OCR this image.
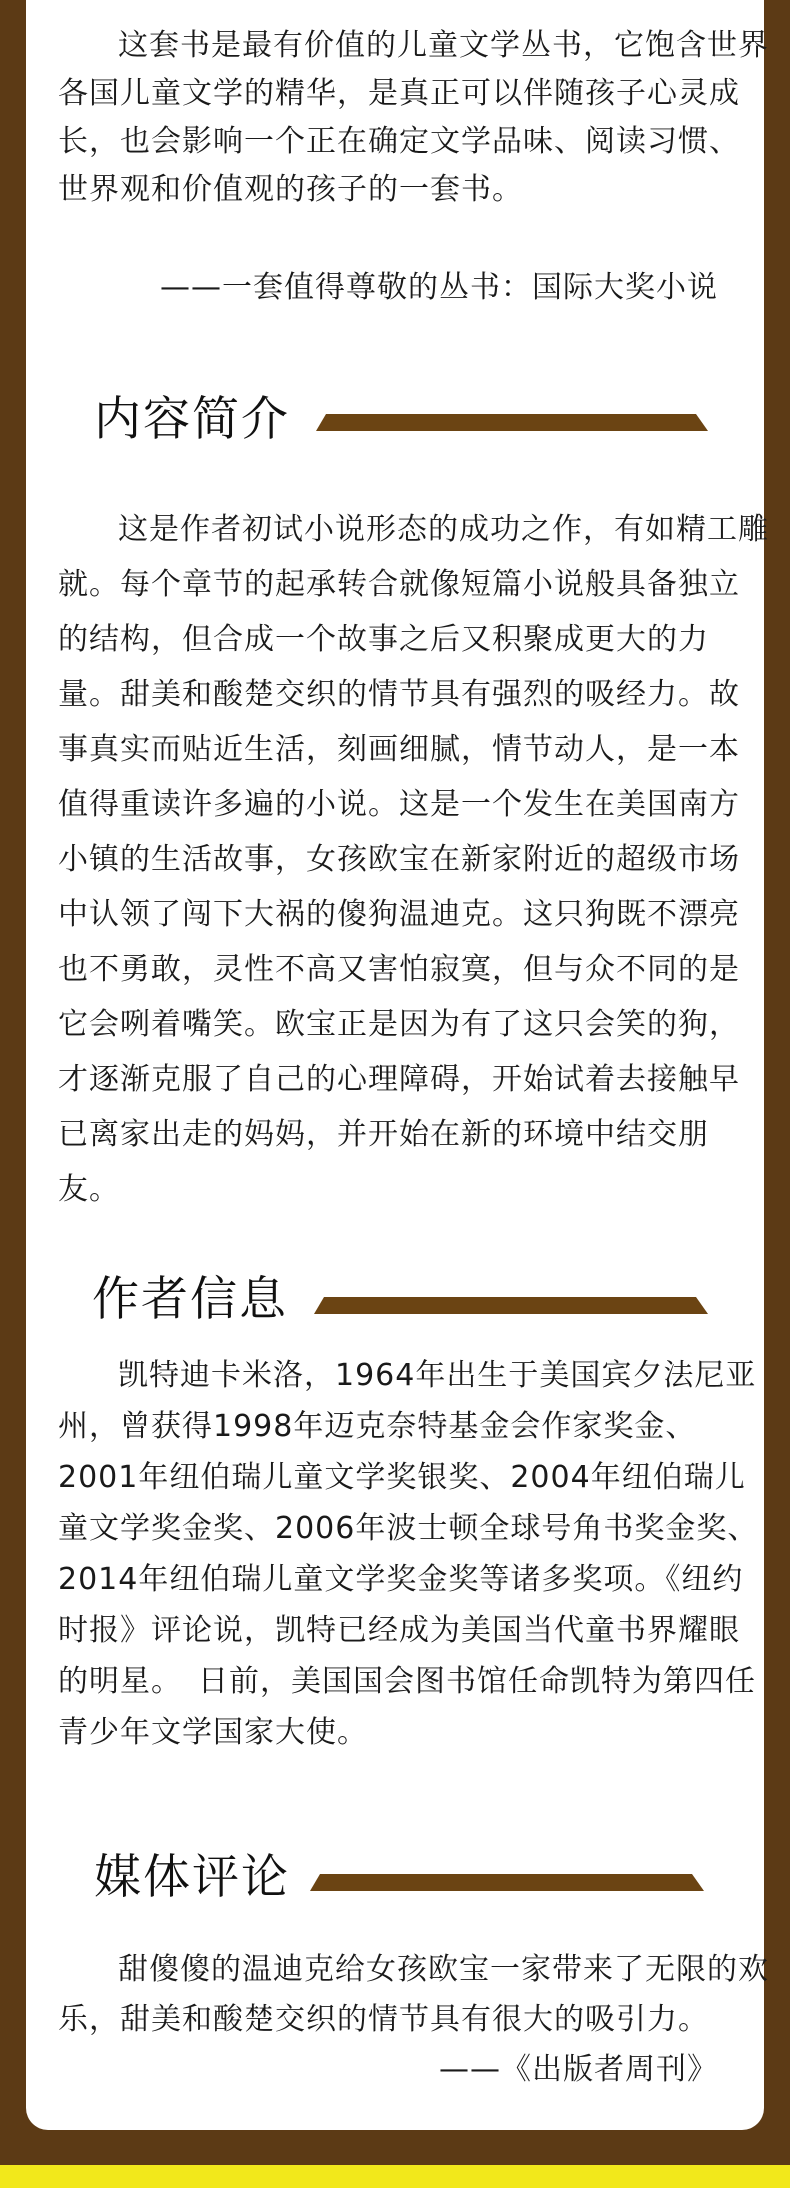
这套书是最有价值的儿童文学丛书，它饱含世界各国儿童文学的精华，是真正可以伴随孩子心灵成长，也会影响一个正在确定文学品味、阅读习惯、世界观和价值观的孩子的一套书。

——一套值得尊敬的丛书：国际大奖小说
内容简介

这是作者初试小说形态的成功之作，有如精工雕就。每个章节的起承转合就像短篇小说般具备独立的结构，但合成一个故事之后又积聚成更大的力量。甜美和酸楚交织的情节具有强烈的吸经力。故事真实而贴近生活，刻画细腻，情节动人，是一本值得重读许多遍的小说。这是一个发生在美国南方小镇的生活故事，女孩欧宝在新家附近的超级市场中认领了闯下大祸的傻狗温迪克。这只狗既不漂亮也不勇敢，灵性不高又害怕寂寞，但与众不同的是它会咧着嘴笑。欧宝正是因为有了这只会笑的狗，才逐渐克服了自己的心理障碍，开始试着去接触早已离家出走的妈妈，并开始在新的环境中结交朋友。

作者信息

凯特迪卡米洛，1964年出生于美国宾夕法尼亚州，曾获得1998年迈克奈特基金会作家奖金、2001年纽伯瑞儿童文学奖银奖、2004年纽伯瑞儿童文学奖金奖、2006年波士顿全球号角书奖金奖、2014年纽伯瑞儿童文学奖金奖等诸多奖项。《纽约时报》评论说，凯特已经成为美国当代童书界耀眼的明星。　日前，美国国会图书馆任命凯特为第四任青少年文学国家大使。

媒体评论

甜傻傻的温迪克给女孩欧宝一家带来了无限的欢乐，甜美和酸楚交织的情节具有很大的吸引力。

——《出版者周刊》
